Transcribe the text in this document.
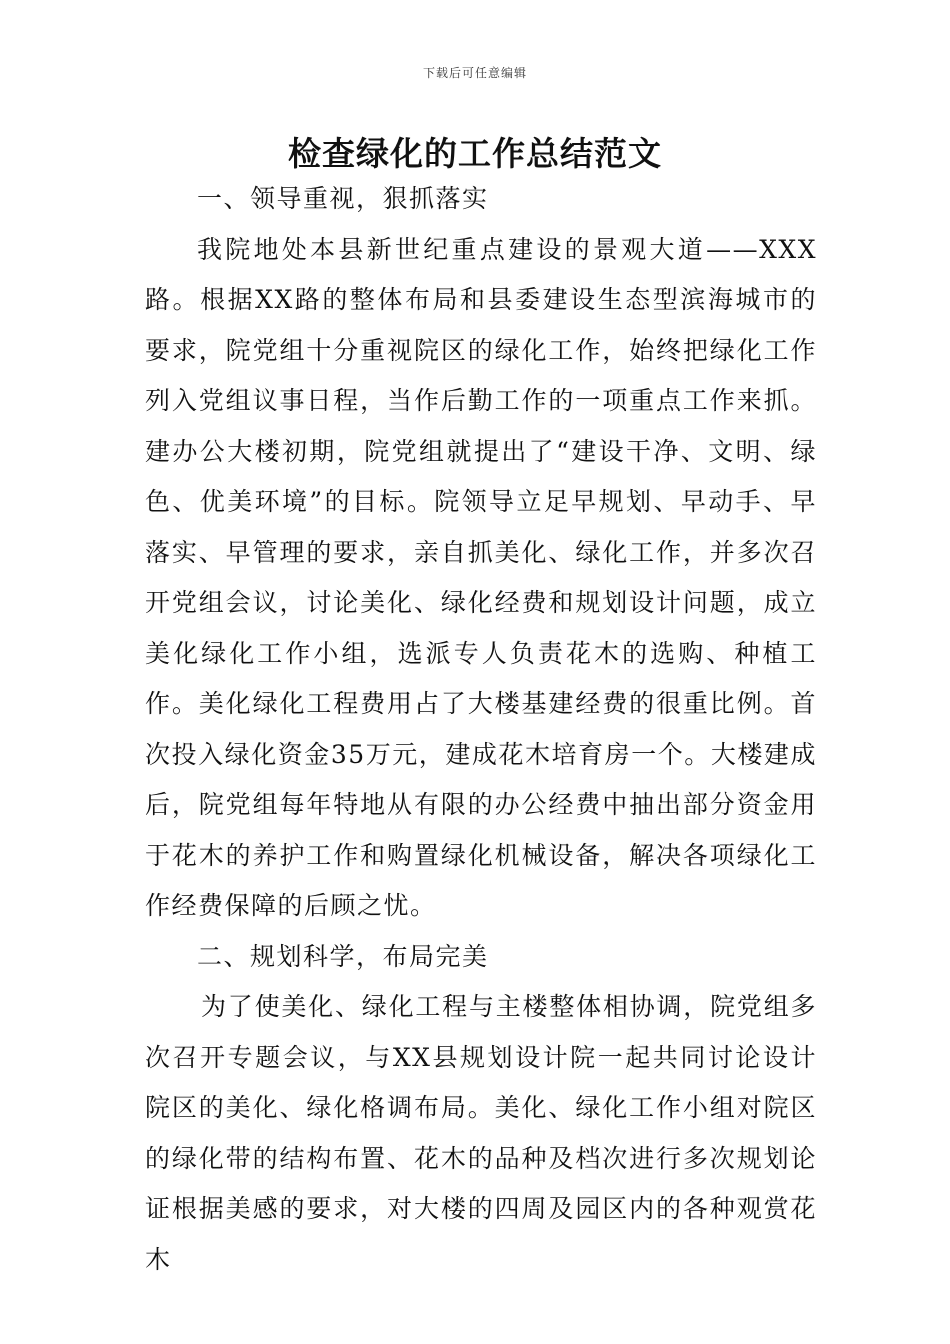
下载后可任意编辑
检查绿化的工作总结范文

一、领导重视，狠抓落实

我院地处本县新世纪重点建设的景观大道——XXX路。根据XX路的整体布局和县委建设生态型滨海城市的要求，院党组十分重视院区的绿化工作，始终把绿化工作列入党组议事日程，当作后勤工作的一项重点工作来抓。建办公大楼初期，院党组就提出了“建设干净、文明、绿色、优美环境”的目标。院领导立足早规划、早动手、早落实、早管理的要求，亲自抓美化、绿化工作，并多次召开党组会议，讨论美化、绿化经费和规划设计问题，成立美化绿化工作小组，选派专人负责花木的选购、种植工作。美化绿化工程费用占了大楼基建经费的很重比例。首次投入绿化资金35万元，建成花木培育房一个。大楼建成后，院党组每年特地从有限的办公经费中抽出部分资金用于花木的养护工作和购置绿化机械设备，解决各项绿化工作经费保障的后顾之忧。

二、规划科学，布局完美

为了使美化、绿化工程与主楼整体相协调，院党组多次召开专题会议，与XX县规划设计院一起共同讨论设计院区的美化、绿化格调布局。美化、绿化工作小组对院区的绿化带的结构布置、花木的品种及档次进行多次规划论证根据美感的要求，对大楼的四周及园区内的各种观赏花木
